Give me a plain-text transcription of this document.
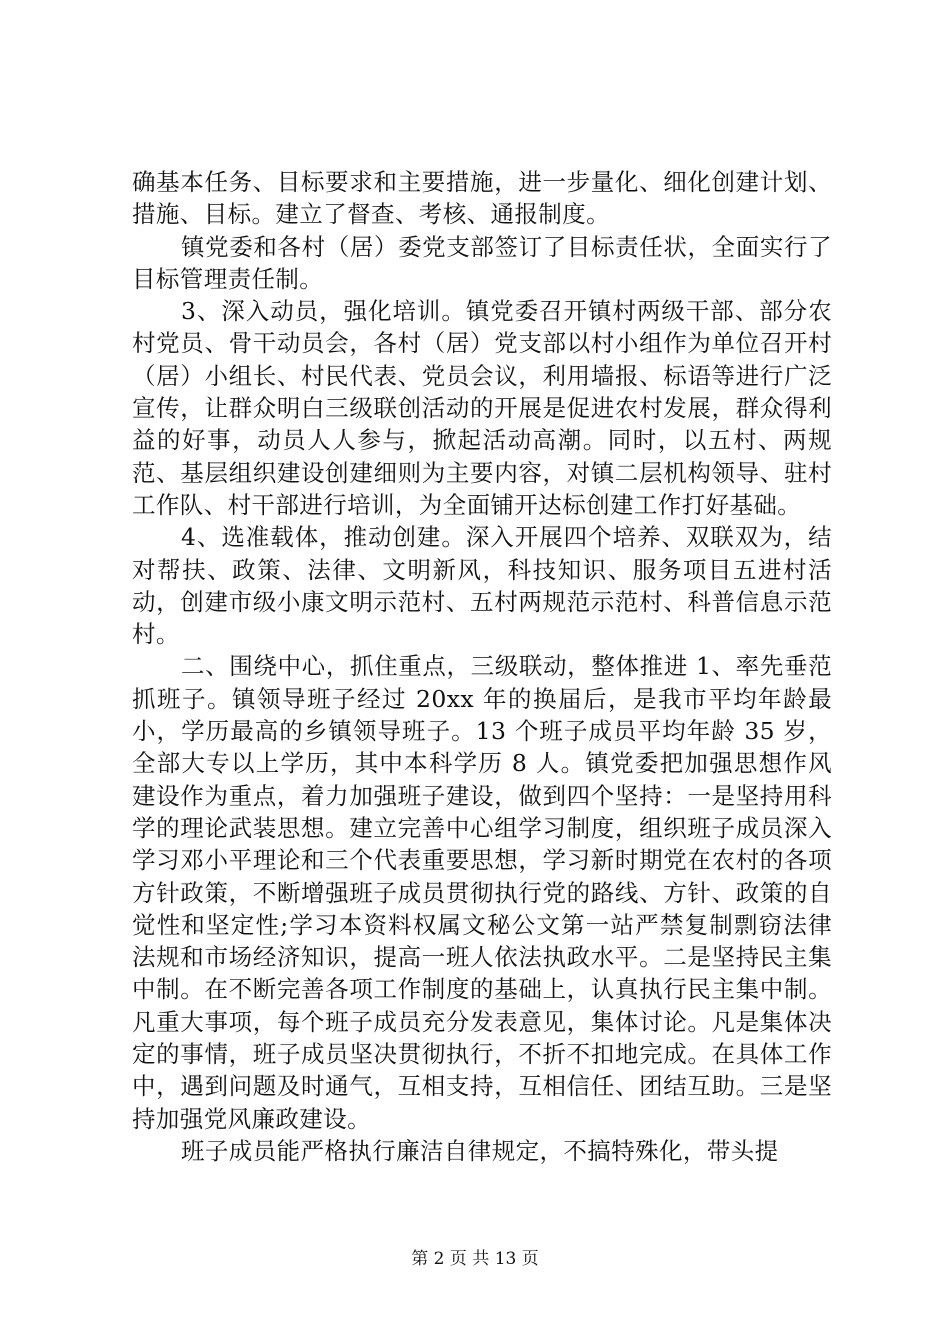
确基本任务、目标要求和主要措施，进一步量化、细化创建计划、措施、目标。建立了督查、考核、通报制度。

镇党委和各村（居）委党支部签订了目标责任状，全面实行了目标管理责任制。

3、深入动员，强化培训。镇党委召开镇村两级干部、部分农村党员、骨干动员会，各村（居）党支部以村小组作为单位召开村（居）小组长、村民代表、党员会议，利用墙报、标语等进行广泛宣传，让群众明白三级联创活动的开展是促进农村发展，群众得利益的好事，动员人人参与，掀起活动高潮。同时，以五村、两规范、基层组织建设创建细则为主要内容，对镇二层机构领导、驻村工作队、村干部进行培训，为全面铺开达标创建工作打好基础。

4、选准载体，推动创建。深入开展四个培养、双联双为，结对帮扶、政策、法律、文明新风，科技知识、服务项目五进村活动，创建市级小康文明示范村、五村两规范示范村、科普信息示范村。

二、围绕中心，抓住重点，三级联动，整体推进 1、率先垂范抓班子。镇领导班子经过 20xx 年的换届后，是我市平均年龄最小，学历最高的乡镇领导班子。13 个班子成员平均年龄 35 岁，全部大专以上学历，其中本科学历 8 人。镇党委把加强思想作风建设作为重点，着力加强班子建设，做到四个坚持：一是坚持用科学的理论武装思想。建立完善中心组学习制度，组织班子成员深入学习邓小平理论和三个代表重要思想，学习新时期党在农村的各项方针政策，不断增强班子成员贯彻执行党的路线、方针、政策的自觉性和坚定性;学习本资料权属文秘公文第一站严禁复制剽窃法律法规和市场经济知识，提高一班人依法执政水平。二是坚持民主集中制。在不断完善各项工作制度的基础上，认真执行民主集中制。凡重大事项，每个班子成员充分发表意见，集体讨论。凡是集体决定的事情，班子成员坚决贯彻执行，不折不扣地完成。在具体工作中，遇到问题及时通气，互相支持，互相信任、团结互助。三是坚持加强党风廉政建设。

班子成员能严格执行廉洁自律规定，不搞特殊化，带头提

第 2 页 共 13 页
